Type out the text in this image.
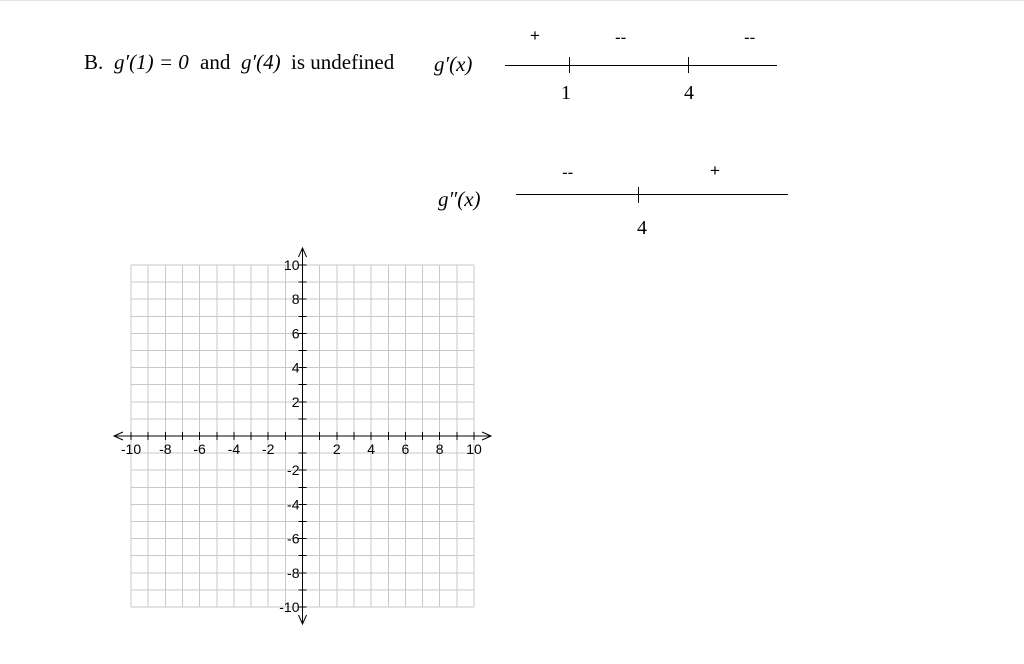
B. g′(1) = 0 and g′(4) is undefined g′(x)
+	--	--
1	4
g″(x)
--	+
4
-10 -8 -6 -4 -2	2 4 6 8 10
10
8
6
4
2
-2
-4
-6
-8
-10
